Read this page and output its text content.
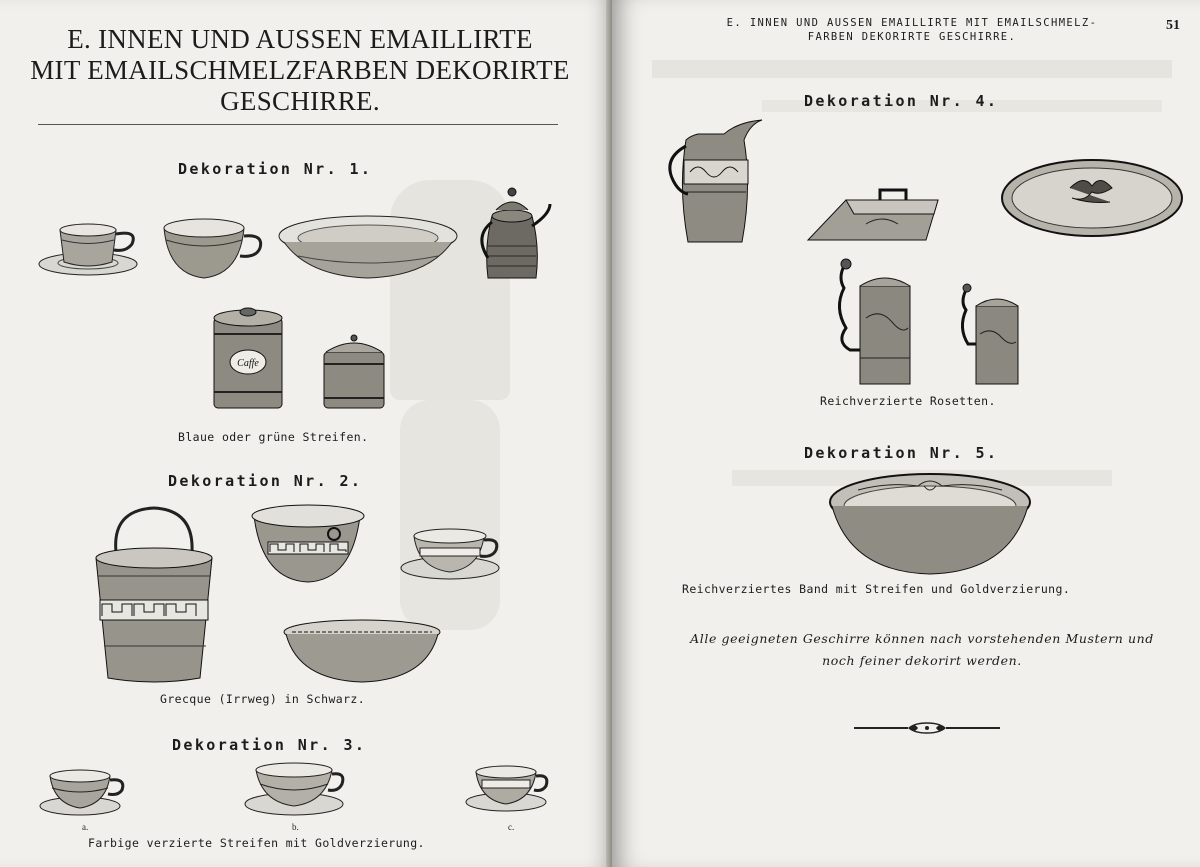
E. INNEN UND AUSSEN EMAILLIRTE
MIT EMAILSCHMELZFARBEN DEKORIRTE
GESCHIRRE.
Dekoration Nr. 1.
Caffe
Blaue oder grüne Streifen.
Dekoration Nr. 2.
Grecque (Irrweg) in Schwarz.
Dekoration Nr. 3.
a.	b.	c.
Farbige verzierte Streifen mit Goldverzierung.
E. INNEN UND AUSSEN EMAILLIRTE MIT EMAILSCHMELZ-
FARBEN DEKORIRTE GESCHIRRE.
51
Dekoration Nr. 4.
Reichverzierte Rosetten.
Dekoration Nr. 5.
Reichverziertes Band mit Streifen und Goldverzierung.
Alle geeigneten Geschirre können nach vorstehenden Mustern und
noch feiner dekorirt werden.
